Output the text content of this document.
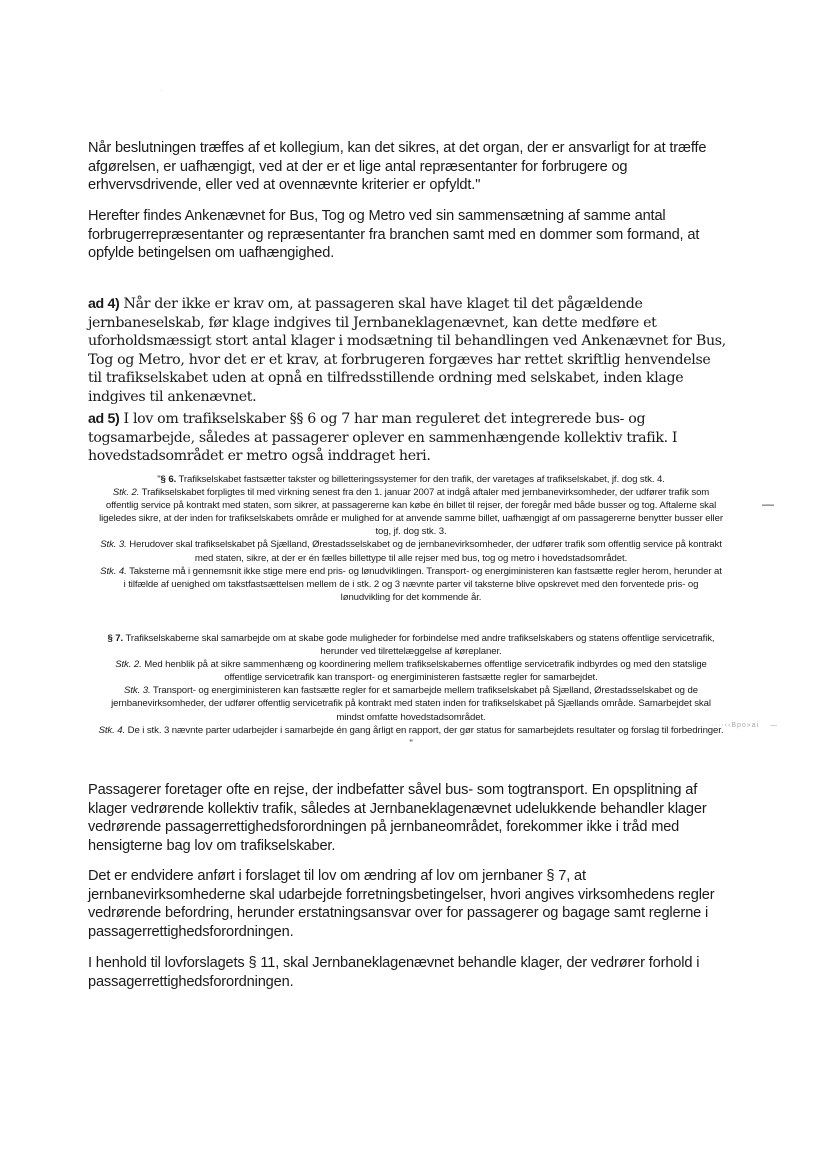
·

Når beslutningen træffes af et kollegium, kan det sikres, at det organ, der er ansvarligt for at træffe afgørelsen, er uafhængigt, ved at der er et lige antal repræsentanter for forbrugere og erhvervsdrivende, eller ved at ovennævnte kriterier er opfyldt."

Herefter findes Ankenævnet for Bus, Tog og Metro ved sin sammensætning af samme antal forbrugerrepræsentanter og repræsentanter fra branchen samt med en dommer som formand, at opfylde betingelsen om uafhængighed.

ad 4) Når der ikke er krav om, at passageren skal have klaget til det pågældende jernbaneselskab, før klage indgives til Jernbaneklagenævnet, kan dette medføre et uforholdsmæssigt stort antal klager i modsætning til behandlingen ved Ankenævnet for Bus, Tog og Metro, hvor det er et krav, at forbrugeren forgæves har rettet skriftlig henvendelse til trafikselskabet uden at opnå en tilfredsstillende ordning med selskabet, inden klage indgives til ankenævnet.

ad 5) I lov om trafikselskaber §§ 6 og 7 har man reguleret det integrerede bus- og togsamarbejde, således at passagerer oplever en sammenhængende kollektiv trafik. I hovedstadsområdet er metro også inddraget heri.

"§ 6. Trafikselskabet fastsætter takster og billetteringssystemer for den trafik, der varetages af trafikselskabet, jf. dog stk. 4.
Stk. 2. Trafikselskabet forpligtes til med virkning senest fra den 1. januar 2007 at indgå aftaler med jernbanevirksomheder, der udfører trafik som offentlig service på kontrakt med staten, som sikrer, at passagererne kan købe én billet til rejser, der foregår med både busser og tog. Aftalerne skal ligeledes sikre, at der inden for trafikselskabets område er mulighed for at anvende samme billet, uafhængigt af om passagererne benytter busser eller tog, jf. dog stk. 3.
Stk. 3. Herudover skal trafikselskabet på Sjælland, Ørestadsselskabet og de jernbanevirksomheder, der udfører trafik som offentlig service på kontrakt med staten, sikre, at der er én fælles billettype til alle rejser med bus, tog og metro i hovedstadsområdet.
Stk. 4. Taksterne må i gennemsnit ikke stige mere end pris- og lønudviklingen. Transport- og energiministeren kan fastsætte regler herom, herunder at i tilfælde af uenighed om takstfastsættelsen mellem de i stk. 2 og 3 nævnte parter vil taksterne blive opskrevet med den forventede pris- og lønudvikling for det kommende år.

§ 7. Trafikselskaberne skal samarbejde om at skabe gode muligheder for forbindelse med andre trafikselskabers og statens offentlige servicetrafik, herunder ved tilrettelæggelse af køreplaner.
Stk. 2. Med henblik på at sikre sammenhæng og koordinering mellem trafikselskabernes offentlige servicetrafik indbyrdes og med den statslige offentlige servicetrafik kan transport- og energiministeren fastsætte regler for samarbejdet.
Stk. 3. Transport- og energiministeren kan fastsætte regler for et samarbejde mellem trafikselskabet på Sjælland, Ørestadsselskabet og de jernbanevirksomheder, der udfører offentlig servicetrafik på kontrakt med staten inden for trafikselskabet på Sjællands område. Samarbejdet skal mindst omfatte hovedstadsområdet.
Stk. 4. De i stk. 3 nævnte parter udarbejder i samarbejde én gang årligt en rapport, der gør status for samarbejdets resultater og forslag til forbedringer. "

—
·····‹‹Bpo»ai —

Passagerer foretager ofte en rejse, der indbefatter såvel bus- som togtransport. En opsplitning af klager vedrørende kollektiv trafik, således at Jernbaneklagenævnet udelukkende behandler klager vedrørende passagerrettighedsforordningen på jernbaneområdet, forekommer ikke i tråd med hensigterne bag lov om trafikselskaber.

Det er endvidere anført i forslaget til lov om ændring af lov om jernbaner § 7, at jernbanevirksomhederne skal udarbejde forretningsbetingelser, hvori angives virksomhedens regler vedrørende befordring, herunder erstatningsansvar over for passagerer og bagage samt reglerne i passagerrettighedsforordningen.

I henhold til lovforslagets § 11, skal Jernbaneklagenævnet behandle klager, der vedrører forhold i passagerrettighedsforordningen.
